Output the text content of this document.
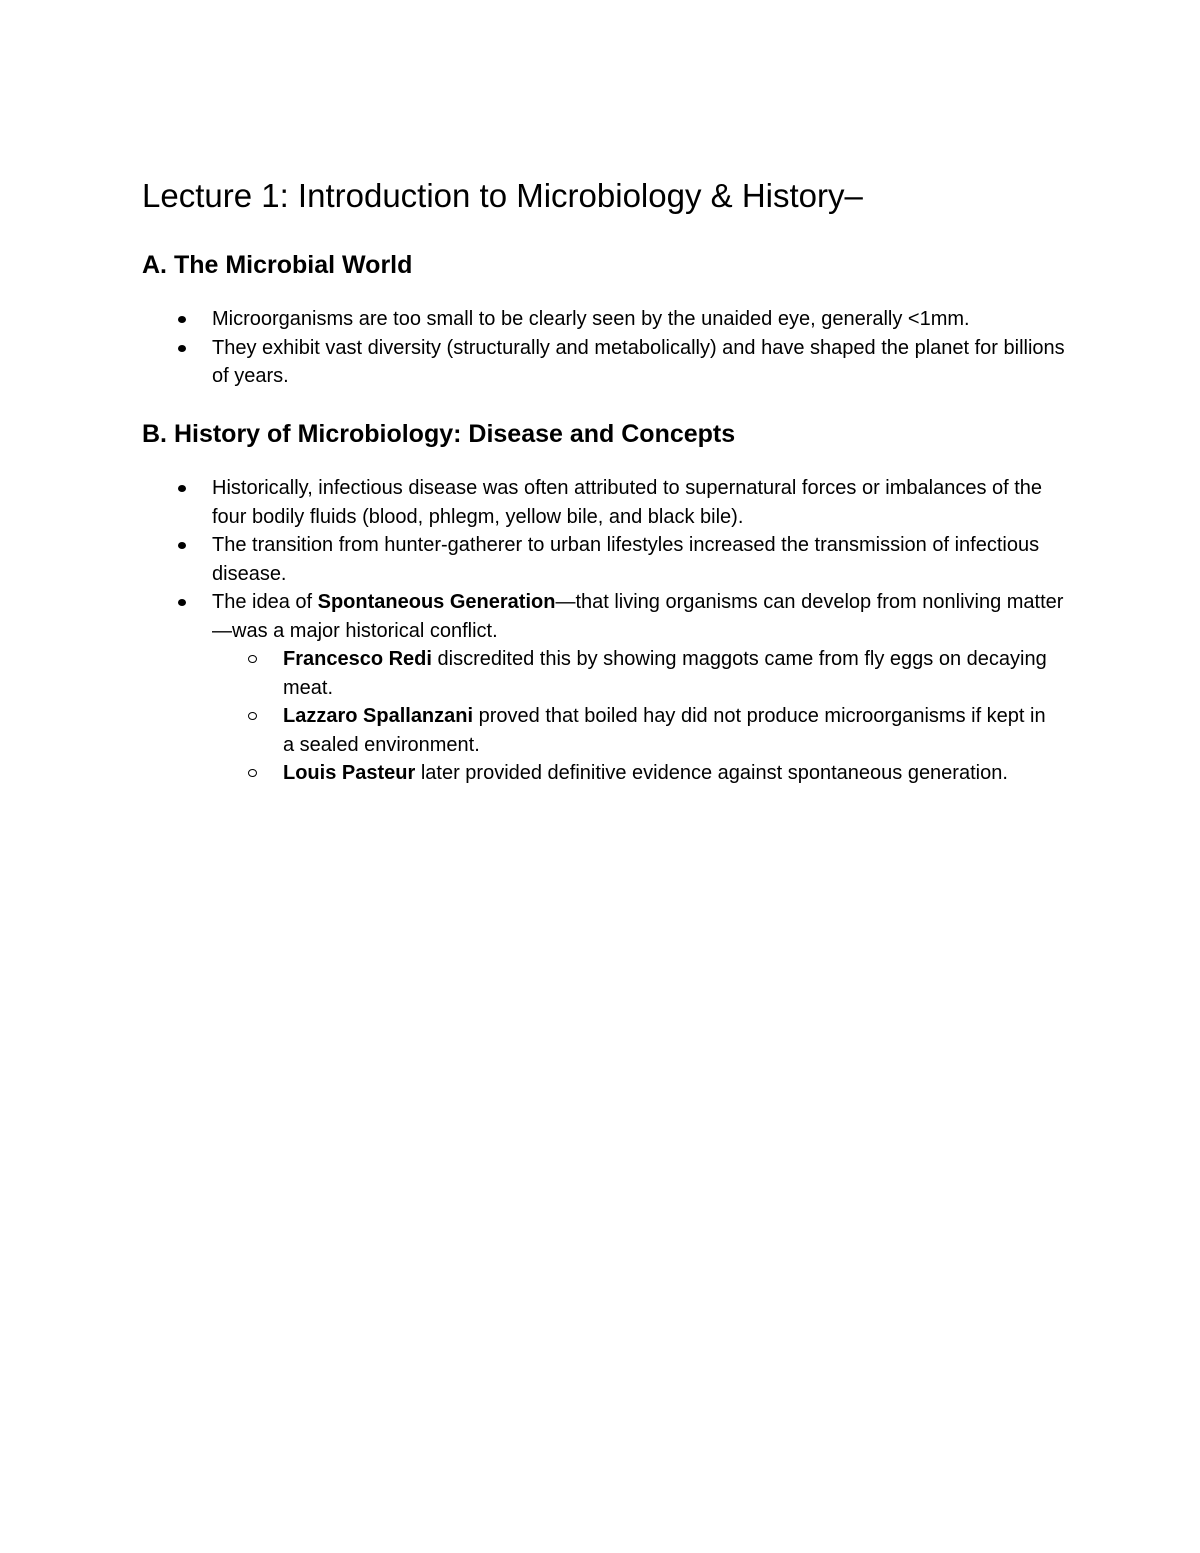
Lecture 1: Introduction to Microbiology & History–
A. The Microbial World
Microorganisms are too small to be clearly seen by the unaided eye, generally <1mm.
They exhibit vast diversity (structurally and metabolically) and have shaped the planet for billions of years.
B. History of Microbiology: Disease and Concepts
Historically, infectious disease was often attributed to supernatural forces or imbalances of the four bodily fluids (blood, phlegm, yellow bile, and black bile).
The transition from hunter-gatherer to urban lifestyles increased the transmission of infectious disease.
The idea of Spontaneous Generation—that living organisms can develop from nonliving matter—was a major historical conflict.
Francesco Redi discredited this by showing maggots came from fly eggs on decaying meat.
Lazzaro Spallanzani proved that boiled hay did not produce microorganisms if kept in a sealed environment.
Louis Pasteur later provided definitive evidence against spontaneous generation.
